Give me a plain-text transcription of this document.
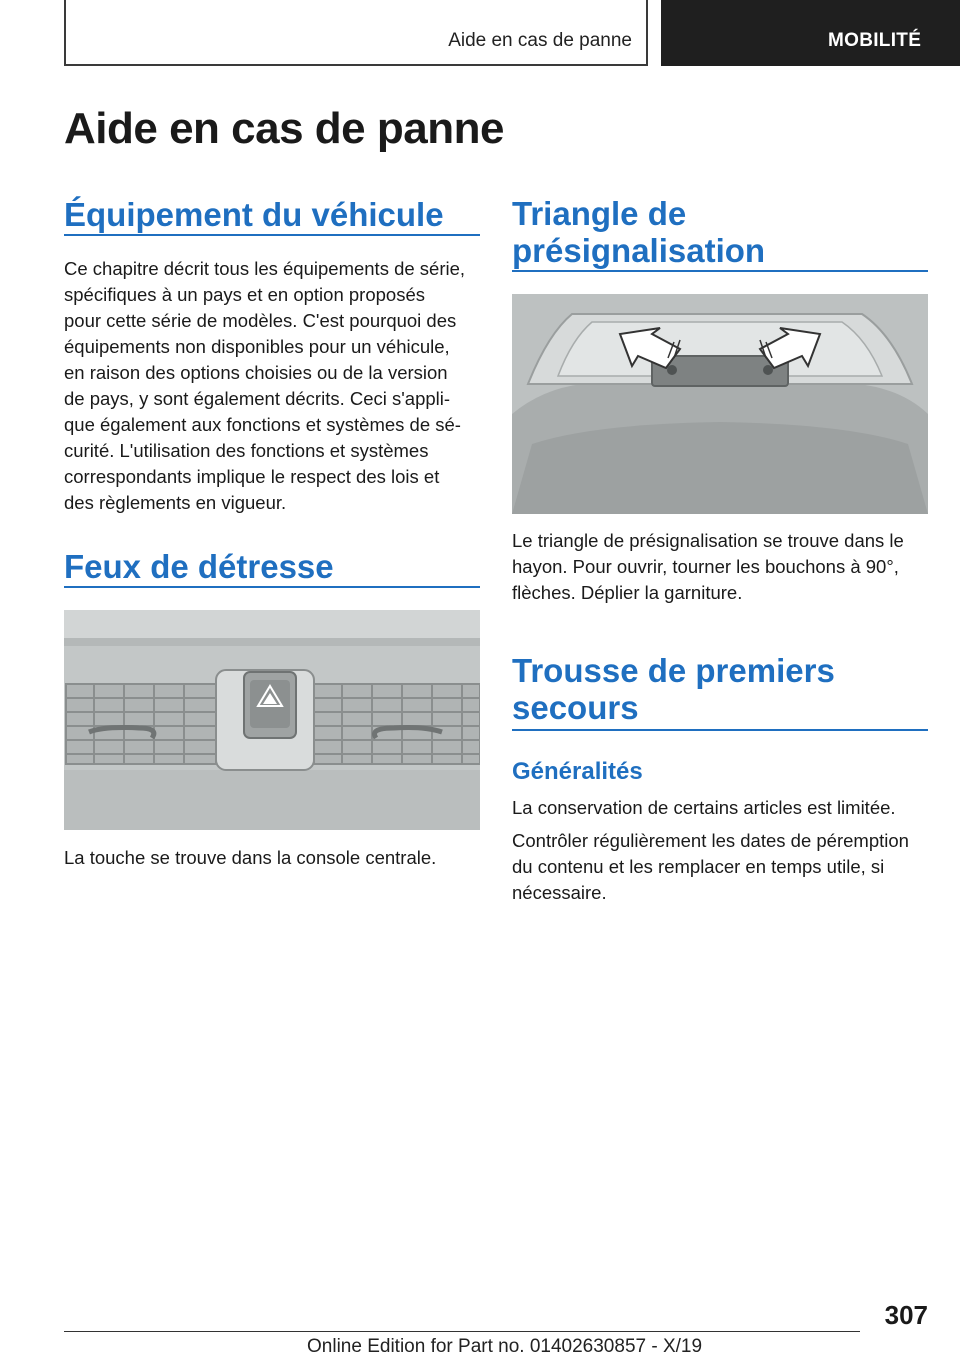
Aide en cas de panne	MOBILITÉ
Aide en cas de panne
Équipement du véhicule
Ce chapitre décrit tous les équipements de série,
spécifiques à un pays et en option proposés
pour cette série de modèles. C'est pourquoi des
équipements non disponibles pour un véhicule,
en raison des options choisies ou de la version
de pays, y sont également décrits. Ceci s'appli‐
que également aux fonctions et systèmes de sé‐
curité. L'utilisation des fonctions et systèmes
correspondants implique le respect des lois et
des règlements en vigueur.
Feux de détresse
La touche se trouve dans la console centrale.
Triangle de
présignalisation
Le triangle de présignalisation se trouve dans le
hayon. Pour ouvrir, tourner les bouchons à 90°,
flèches. Déplier la garniture.
Trousse de premiers
secours
Généralités
La conservation de certains articles est limitée.
Contrôler régulièrement les dates de péremption
du contenu et les remplacer en temps utile, si
nécessaire.
307
Online Edition for Part no. 01402630857 - X/19
